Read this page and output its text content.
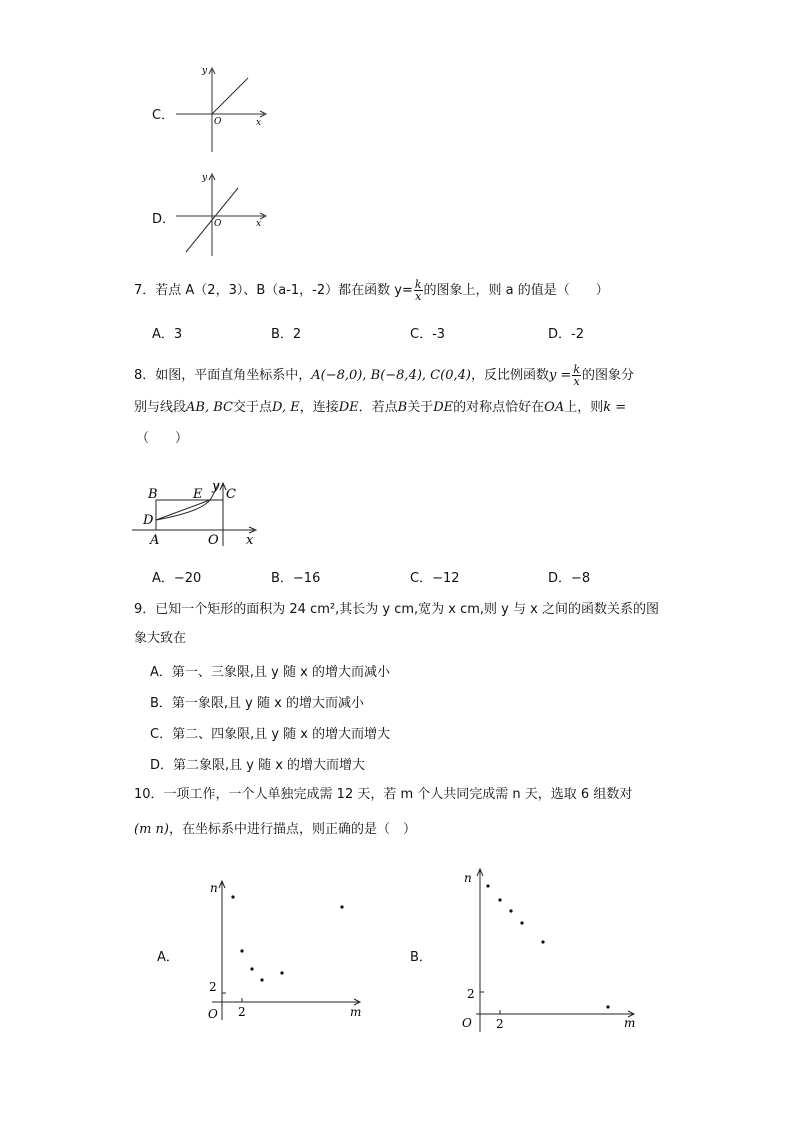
C．
y
x
O
D．
y
x
O
7．若点 A（2，3）、B（a-1，-2）都在函数 $y= \frac{k}{x}$ 的图象上，则 a 的值是（　　）
A．3	B．2	C．-3	D．-2
8．如图，平面直角坐标系中，A(−8,0), B(−8,4), C(0,4)，反比例函数$y = \frac{k}{x}$ 的图象分
别与线段AB, BC交于点D, E，连接DE．若点B关于DE的对称点恰好在OA上，则k =
（　　）
y
x
B	E C
D
A	O
A．−20	B．−16	C．−12	D．−8
9．已知一个矩形的面积为 24 cm²,其长为 y cm,宽为 x cm,则 y 与 x 之间的函数关系的图
象大致在
A．第一、三象限,且 y 随 x 的增大而减小
B．第一象限,且 y 随 x 的增大而减小
C．第二、四象限,且 y 随 x 的增大而增大
D．第二象限,且 y 随 x 的增大而增大
10．一项工作，一个人单独完成需 12 天，若 m 个人共同完成需 n 天，选取 6 组数对
(m n)，在坐标系中进行描点，则正确的是（　）
A．
n
m
O 2
2
B．
n
m
O 2
2
